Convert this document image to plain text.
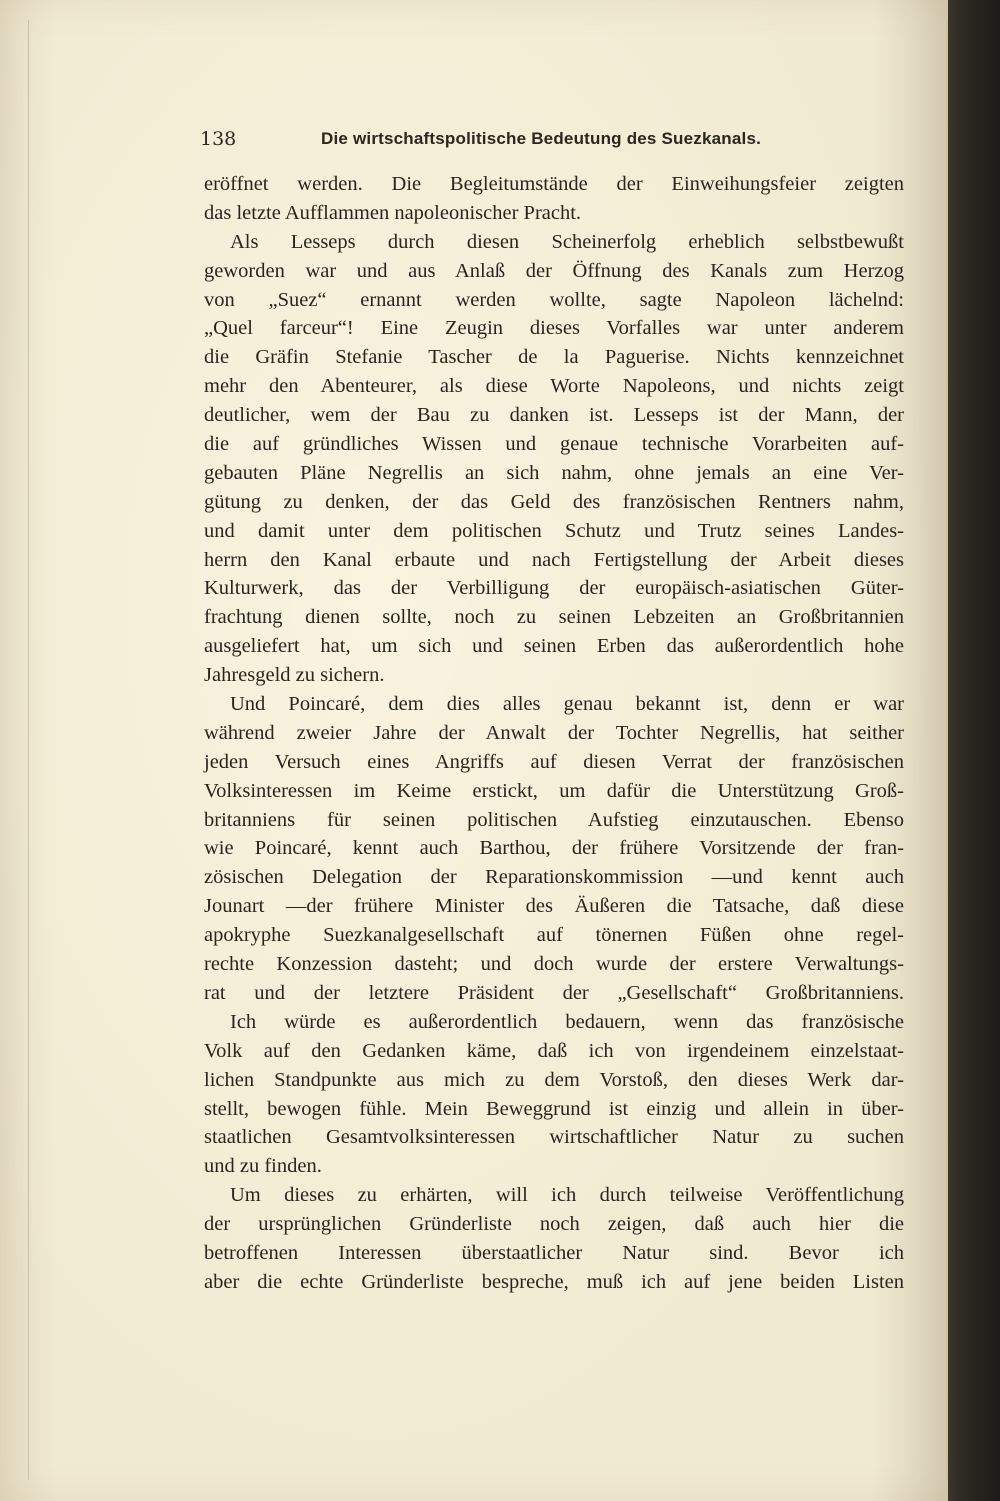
138	Die wirtschaftspolitische Bedeutung des Suezkanals.
eröffnet werden. Die Begleitumstände der Einweihungsfeier zeigten
das letzte Aufflammen napoleonischer Pracht.
Als Lesseps durch diesen Scheinerfolg erheblich selbstbewußt
geworden war und aus Anlaß der Öffnung des Kanals zum Herzog
von „Suez“ ernannt werden wollte, sagte Napoleon lächelnd:
„Quel farceur“! Eine Zeugin dieses Vorfalles war unter anderem
die Gräfin Stefanie Tascher de la Paguerise. Nichts kennzeichnet
mehr den Abenteurer, als diese Worte Napoleons, und nichts zeigt
deutlicher, wem der Bau zu danken ist. Lesseps ist der Mann, der
die auf gründliches Wissen und genaue technische Vorarbeiten auf-
gebauten Pläne Negrellis an sich nahm, ohne jemals an eine Ver-
gütung zu denken, der das Geld des französischen Rentners nahm,
und damit unter dem politischen Schutz und Trutz seines Landes-
herrn den Kanal erbaute und nach Fertigstellung der Arbeit dieses
Kulturwerk, das der Verbilligung der europäisch-asiatischen Güter-
frachtung dienen sollte, noch zu seinen Lebzeiten an Großbritannien
ausgeliefert hat, um sich und seinen Erben das außerordentlich hohe
Jahresgeld zu sichern.
Und Poincaré, dem dies alles genau bekannt ist, denn er war
während zweier Jahre der Anwalt der Tochter Negrellis, hat seither
jeden Versuch eines Angriffs auf diesen Verrat der französischen
Volksinteressen im Keime erstickt, um dafür die Unterstützung Groß-
britanniens für seinen politischen Aufstieg einzutauschen. Ebenso
wie Poincaré, kennt auch Barthou, der frühere Vorsitzende der fran-
zösischen Delegation der Reparationskommission —und kennt auch
Jounart —der frühere Minister des Äußeren die Tatsache, daß diese
apokryphe Suezkanalgesellschaft auf tönernen Füßen ohne regel-
rechte Konzession dasteht; und doch wurde der erstere Verwaltungs-
rat und der letztere Präsident der „Gesellschaft“ Großbritanniens.
Ich würde es außerordentlich bedauern, wenn das französische
Volk auf den Gedanken käme, daß ich von irgendeinem einzelstaat-
lichen Standpunkte aus mich zu dem Vorstoß, den dieses Werk dar-
stellt, bewogen fühle. Mein Beweggrund ist einzig und allein in über-
staatlichen Gesamtvolksinteressen wirtschaftlicher Natur zu suchen
und zu finden.
Um dieses zu erhärten, will ich durch teilweise Veröffentlichung
der ursprünglichen Gründerliste noch zeigen, daß auch hier die
betroffenen Interessen überstaatlicher Natur sind. Bevor ich
aber die echte Gründerliste bespreche, muß ich auf jene beiden Listen
